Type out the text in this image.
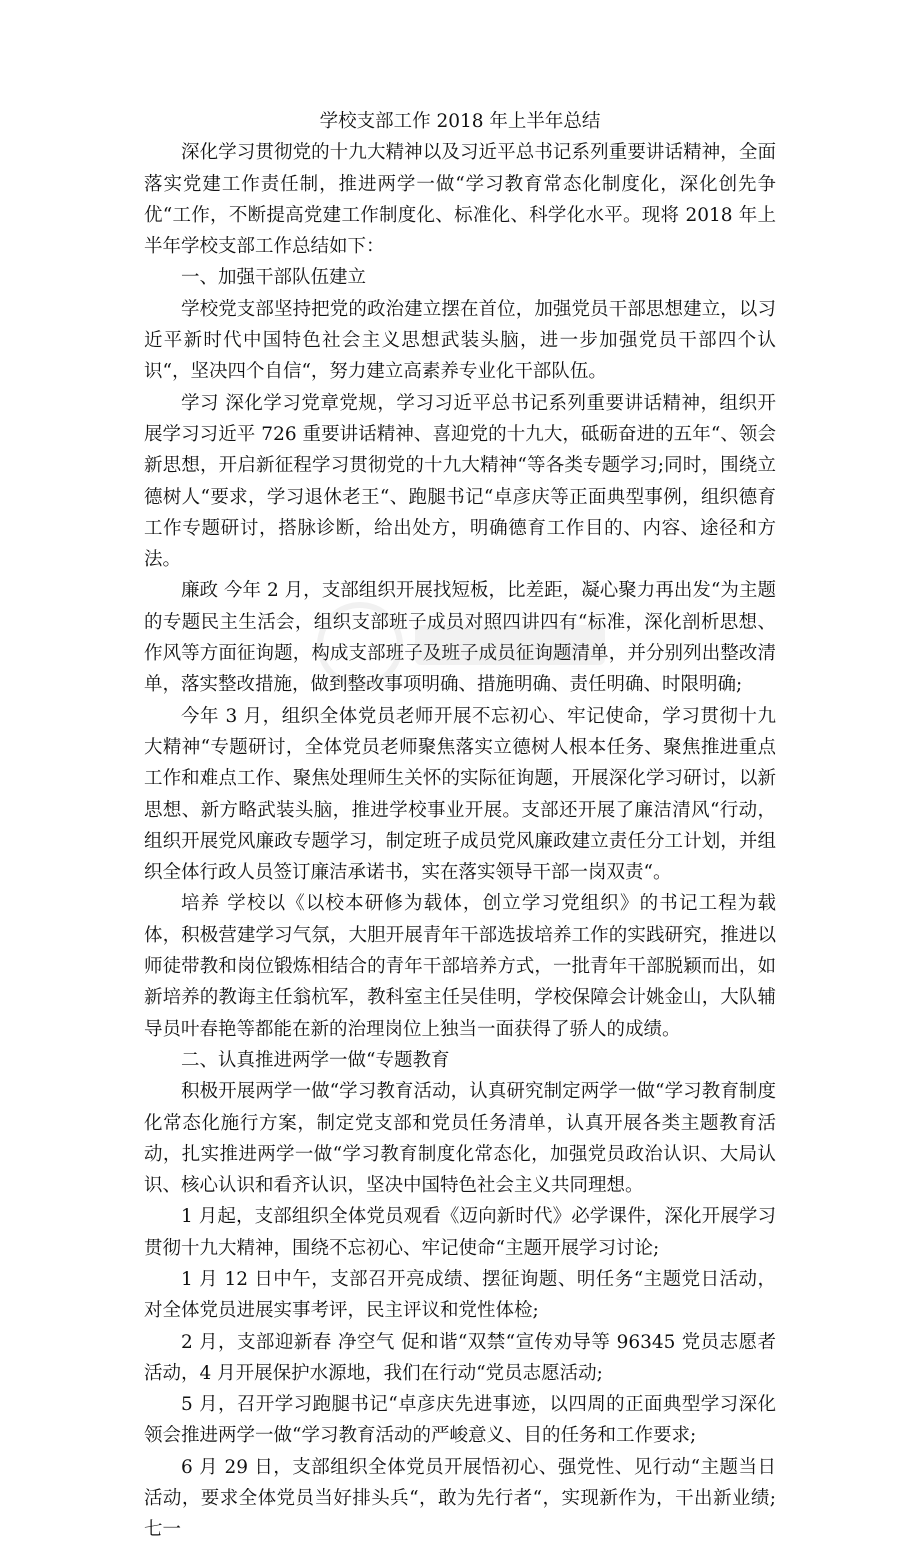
学校支部工作 2018 年上半年总结

深化学习贯彻党的十九大精神以及习近平总书记系列重要讲话精神，全面落实党建工作责任制，推进两学一做“学习教育常态化制度化，深化创先争优“工作，不断提高党建工作制度化、标准化、科学化水平。现将 2018 年上半年学校支部工作总结如下：

一、加强干部队伍建立

学校党支部坚持把党的政治建立摆在首位，加强党员干部思想建立，以习近平新时代中国特色社会主义思想武装头脑，进一步加强党员干部四个认识“，坚决四个自信“，努力建立高素养专业化干部队伍。

学习 深化学习党章党规，学习习近平总书记系列重要讲话精神，组织开展学习习近平 726 重要讲话精神、喜迎党的十九大，砥砺奋进的五年“、领会新思想，开启新征程学习贯彻党的十九大精神“等各类专题学习;同时，围绕立德树人“要求，学习退休老王“、跑腿书记“卓彦庆等正面典型事例，组织德育工作专题研讨，搭脉诊断，给出处方，明确德育工作目的、内容、途径和方法。

廉政 今年 2 月，支部组织开展找短板，比差距，凝心聚力再出发“为主题的专题民主生活会，组织支部班子成员对照四讲四有“标准，深化剖析思想、作风等方面征询题，构成支部班子及班子成员征询题清单，并分别列出整改清单，落实整改措施，做到整改事项明确、措施明确、责任明确、时限明确;

今年 3 月，组织全体党员老师开展不忘初心、牢记使命，学习贯彻十九大精神“专题研讨，全体党员老师聚焦落实立德树人根本任务、聚焦推进重点工作和难点工作、聚焦处理师生关怀的实际征询题，开展深化学习研讨，以新思想、新方略武装头脑，推进学校事业开展。支部还开展了廉洁清风“行动，组织开展党风廉政专题学习，制定班子成员党风廉政建立责任分工计划，并组织全体行政人员签订廉洁承诺书，实在落实领导干部一岗双责“。

培养 学校以《以校本研修为载体，创立学习党组织》的书记工程为载体，积极营建学习气氛，大胆开展青年干部选拔培养工作的实践研究，推进以师徒带教和岗位锻炼相结合的青年干部培养方式，一批青年干部脱颖而出，如新培养的教诲主任翁杭军，教科室主任吴佳明，学校保障会计姚金山，大队辅导员叶春艳等都能在新的治理岗位上独当一面获得了骄人的成绩。

二、认真推进两学一做“专题教育

积极开展两学一做“学习教育活动，认真研究制定两学一做“学习教育制度化常态化施行方案，制定党支部和党员任务清单，认真开展各类主题教育活动，扎实推进两学一做“学习教育制度化常态化，加强党员政治认识、大局认识、核心认识和看齐认识，坚决中国特色社会主义共同理想。

1 月起，支部组织全体党员观看《迈向新时代》必学课件，深化开展学习贯彻十九大精神，围绕不忘初心、牢记使命“主题开展学习讨论;

1 月 12 日中午，支部召开亮成绩、摆征询题、明任务“主题党日活动，对全体党员进展实事考评，民主评议和党性体检;

2 月，支部迎新春 净空气 促和谐“双禁“宣传劝导等 96345 党员志愿者活动，4 月开展保护水源地，我们在行动“党员志愿活动;

5 月，召开学习跑腿书记“卓彦庆先进事迹，以四周的正面典型学习深化领会推进两学一做“学习教育活动的严峻意义、目的任务和工作要求;

6 月 29 日，支部组织全体党员开展悟初心、强党性、见行动“主题当日活动，要求全体党员当好排头兵“，敢为先行者“，实现新作为，干出新业绩;七一
